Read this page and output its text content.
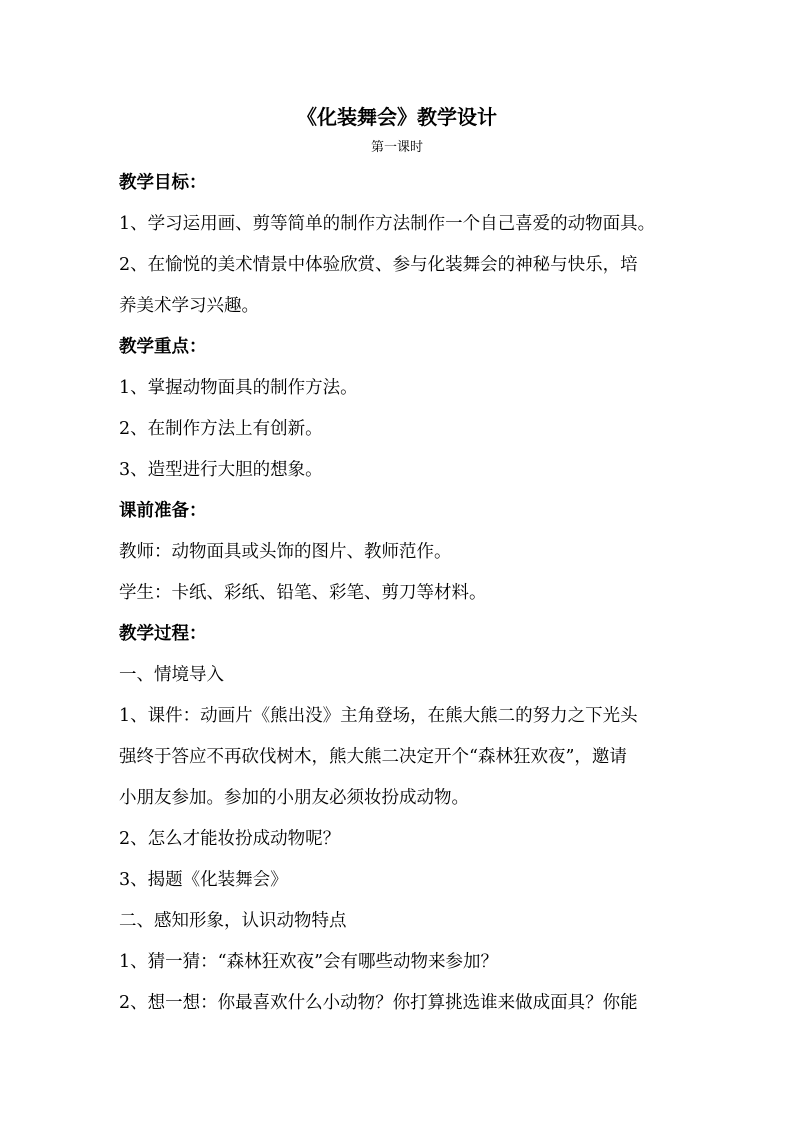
《化装舞会》教学设计
第一课时
教学目标：
1、学习运用画、剪等简单的制作方法制作一个自己喜爱的动物面具。
2、在愉悦的美术情景中体验欣赏、参与化装舞会的神秘与快乐，培
养美术学习兴趣。
教学重点：
1、掌握动物面具的制作方法。
2、在制作方法上有创新。
3、造型进行大胆的想象。
课前准备：
教师：动物面具或头饰的图片、教师范作。
学生：卡纸、彩纸、铅笔、彩笔、剪刀等材料。
教学过程：
一、情境导入
1、课件：动画片《熊出没》主角登场，在熊大熊二的努力之下光头
强终于答应不再砍伐树木，熊大熊二决定开个“森林狂欢夜”，邀请
小朋友参加。参加的小朋友必须妆扮成动物。
2、怎么才能妆扮成动物呢？
3、揭题《化装舞会》
二、感知形象，认识动物特点
1、猜一猜：“森林狂欢夜”会有哪些动物来参加？
2、想一想：你最喜欢什么小动物？你打算挑选谁来做成面具？你能
